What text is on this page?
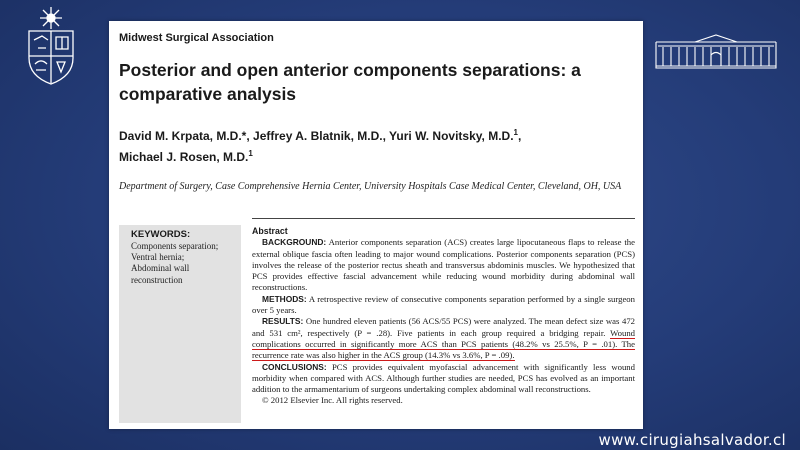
Midwest Surgical Association
Posterior and open anterior components separations: a comparative analysis
David M. Krpata, M.D.*, Jeffrey A. Blatnik, M.D., Yuri W. Novitsky, M.D.$^1$,
Michael J. Rosen, M.D.$^1$
Department of Surgery, Case Comprehensive Hernia Center, University Hospitals Case Medical Center, Cleveland, OH, USA
KEYWORDS:
Components separation;
Ventral hernia;
Abdominal wall reconstruction
Abstract

BACKGROUND: Anterior components separation (ACS) creates large lipocutaneous flaps to release the external oblique fascia often leading to major wound complications. Posterior components separation (PCS) involves the release of the posterior rectus sheath and transversus abdominis muscles. We hypothesized that PCS provides effective fascial advancement while reducing wound morbidity during abdominal wall reconstructions.

METHODS: A retrospective review of consecutive components separation performed by a single surgeon over 5 years.

RESULTS: One hundred eleven patients (56 ACS/55 PCS) were analyzed. The mean defect size was 472 and 531 cm², respectively (P = .28). Five patients in each group required a bridging repair. Wound complications occurred in significantly more ACS than PCS patients (48.2% vs 25.5%, P = .01). The recurrence rate was also higher in the ACS group (14.3% vs 3.6%, P = .09).

CONCLUSIONS: PCS provides equivalent myofascial advancement with significantly less wound morbidity when compared with ACS. Although further studies are needed, PCS has evolved as an important addition to the armamentarium of surgeons undertaking complex abdominal wall reconstructions.

© 2012 Elsevier Inc. All rights reserved.

www.cirugiahsalvador.cl
